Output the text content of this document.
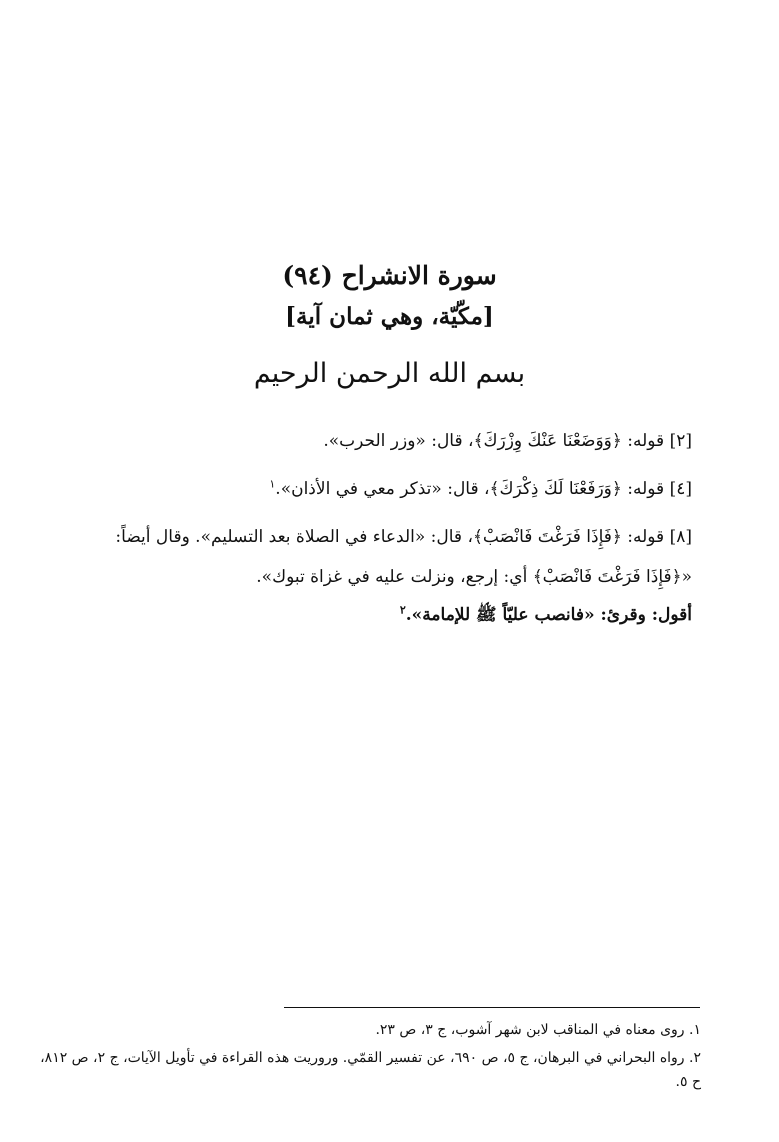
سورة الانشراح (٩٤)
[مكّيّة، وهي ثمان آية]
بسم الله الرحمن الرحيم
[٢] قوله: ﴿وَوَضَعْنَا عَنْكَ وِزْرَكَ﴾، قال: «وزر الحرب».
[٤] قوله: ﴿وَرَفَعْنَا لَكَ ذِكْرَكَ﴾، قال: «تذكر معي في الأذان».$^١$
[٨] قوله: ﴿فَإِذَا فَرَغْتَ فَانْصَبْ﴾، قال: «الدعاء في الصلاة بعد التسليم». وقال أيضاً:
«﴿فَإِذَا فَرَغْتَ فَانْصَبْ﴾ أي: إرجع، ونزلت عليه في غزاة تبوك».
أقول: وقرئ: «فانصب عليّاً ﷺ للإمامة».$^٢$
١. روى معناه في المناقب لابن شهر آشوب، ج ٣، ص ٢٣.
٢. رواه البحراني في البرهان، ج ٥، ص ٦٩٠، عن تفسير القمّي. وروريت هذه القراءة في تأويل الآيات، ج ٢، ص ٨١٢، ح ٥.
